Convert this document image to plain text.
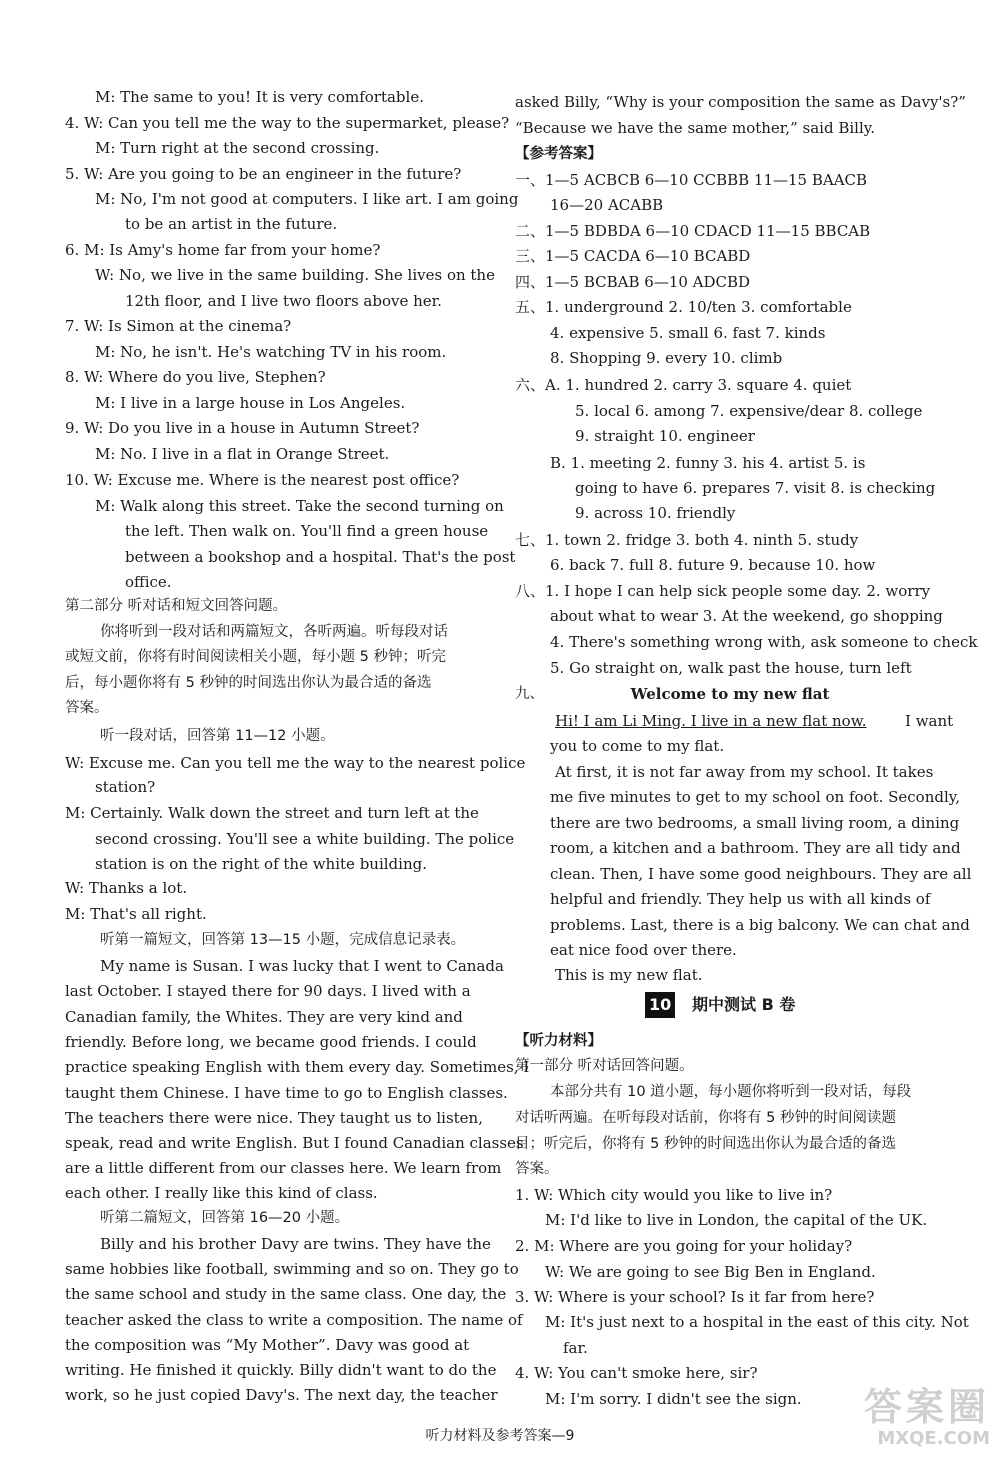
M: The same to you! It is very comfortable.
4. W: Can you tell me the way to the supermarket, please?
M: Turn right at the second crossing.
5. W: Are you going to be an engineer in the future?
M: No, I'm not good at computers. I like art. I am going
to be an artist in the future.
6. M: Is Amy's home far from your home?
W: No, we live in the same building. She lives on the
12th floor, and I live two floors above her.
7. W: Is Simon at the cinema?
M: No, he isn't. He's watching TV in his room.
8. W: Where do you live, Stephen?
M: I live in a large house in Los Angeles.
9. W: Do you live in a house in Autumn Street?
M: No. I live in a flat in Orange Street.
10. W: Excuse me. Where is the nearest post office?
M: Walk along this street. Take the second turning on
the left. Then walk on. You'll find a green house
between a bookshop and a hospital. That's the post
office.
第二部分 听对话和短文回答问题。
你将听到一段对话和两篇短文，各听两遍。听每段对话
或短文前，你将有时间阅读相关小题，每小题 5 秒钟；听完
后，每小题你将有 5 秒钟的时间选出你认为最合适的备选
答案。
听一段对话，回答第 11—12 小题。
W: Excuse me. Can you tell me the way to the nearest police
station?
M: Certainly. Walk down the street and turn left at the
second crossing. You'll see a white building. The police
station is on the right of the white building.
W: Thanks a lot.
M: That's all right.
听第一篇短文，回答第 13—15 小题，完成信息记录表。
My name is Susan. I was lucky that I went to Canada
last October. I stayed there for 90 days. I lived with a
Canadian family, the Whites. They are very kind and
friendly. Before long, we became good friends. I could
practice speaking English with them every day. Sometimes, I
taught them Chinese. I have time to go to English classes.
The teachers there were nice. They taught us to listen,
speak, read and write English. But I found Canadian classes
are a little different from our classes here. We learn from
each other. I really like this kind of class.
听第二篇短文，回答第 16—20 小题。
Billy and his brother Davy are twins. They have the
same hobbies like football, swimming and so on. They go to
the same school and study in the same class. One day, the
teacher asked the class to write a composition. The name of
the composition was “My Mother”. Davy was good at
writing. He finished it quickly. Billy didn't want to do the
work, so he just copied Davy's. The next day, the teacher
asked Billy, “Why is your composition the same as Davy's?”
“Because we have the same mother,” said Billy.
【参考答案】
一、1—5 ACBCB 6—10 CCBBB 11—15 BAACB
16—20 ACABB
二、1—5 BDBDA 6—10 CDACD 11—15 BBCAB
三、1—5 CACDA 6—10 BCABD
四、1—5 BCBAB 6—10 ADCBD
五、1. underground 2. 10/ten 3. comfortable
4. expensive 5. small 6. fast 7. kinds
8. Shopping 9. every 10. climb
六、A. 1. hundred 2. carry 3. square 4. quiet
5. local 6. among 7. expensive/dear 8. college
9. straight 10. engineer
B. 1. meeting 2. funny 3. his 4. artist 5. is
going to have 6. prepares 7. visit 8. is checking
9. across 10. friendly
七、1. town 2. fridge 3. both 4. ninth 5. study
6. back 7. full 8. future 9. because 10. how
八、1. I hope I can help sick people some day. 2. worry
about what to wear 3. At the weekend, go shopping
4. There's something wrong with, ask someone to check
5. Go straight on, walk past the house, turn left
九、	Welcome to my new flat
Hi! I am Li Ming. I live in a new flat now.	I want
you to come to my flat.
At first, it is not far away from my school. It takes
me five minutes to get to my school on foot. Secondly,
there are two bedrooms, a small living room, a dining
room, a kitchen and a bathroom. They are all tidy and
clean. Then, I have some good neighbours. They are all
helpful and friendly. They help us with all kinds of
problems. Last, there is a big balcony. We can chat and
eat nice food over there.
This is my new flat.
【听力材料】
第一部分 听对话回答问题。
本部分共有 10 道小题，每小题你将听到一段对话，每段
对话听两遍。在听每段对话前，你将有 5 秒钟的时间阅读题
目；听完后，你将有 5 秒钟的时间选出你认为最合适的备选
答案。
1. W: Which city would you like to live in?
M: I'd like to live in London, the capital of the UK.
2. M: Where are you going for your holiday?
W: We are going to see Big Ben in England.
3. W: Where is your school? Is it far from here?
M: It's just next to a hospital in the east of this city. Not
far.
4. W: You can't smoke here, sir?
M: I'm sorry. I didn't see the sign.
10 期中测试 B 卷
听力材料及参考答案—9
答案圈
MXQE.COM
